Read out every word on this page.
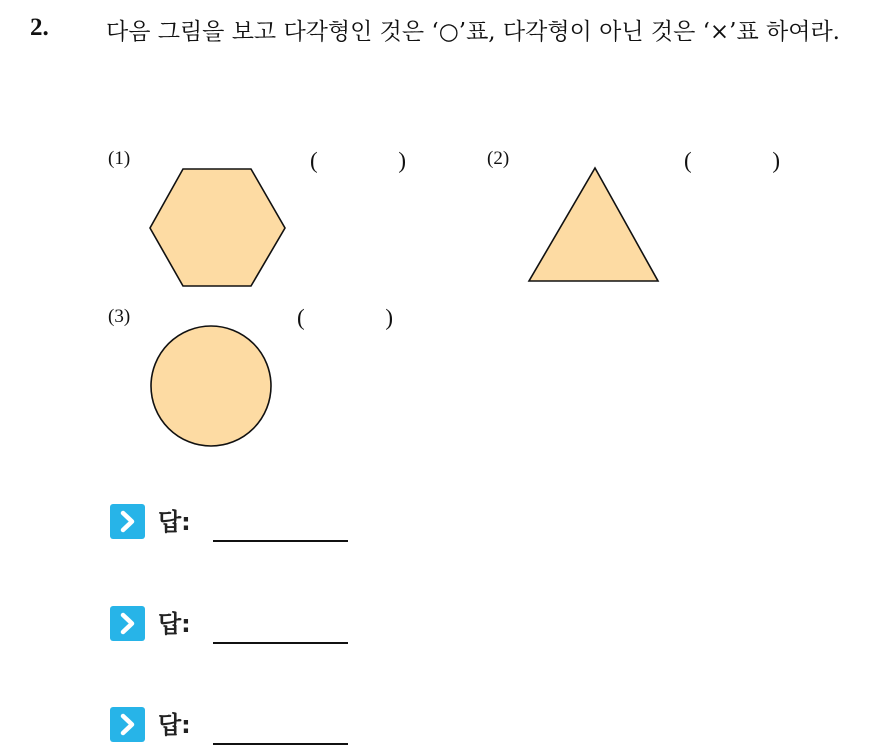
2. 다음 그림을 보고 다각형인 것은 ‘○’표, 다각형이 아닌 것은 ‘×’표 하여라.
(1)	(	)	(2)	(	)
(3)	(	)
답:
답:
답:
